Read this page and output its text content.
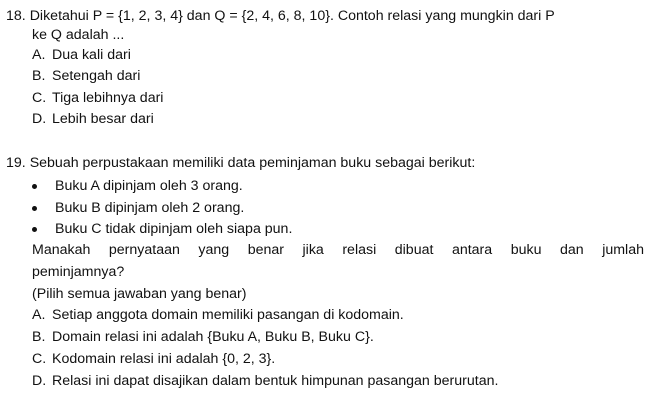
18. Diketahui P = {1, 2, 3, 4} dan Q = {2, 4, 6, 8, 10}. Contoh relasi yang mungkin dari P
ke Q adalah ...
A. Dua kali dari
B. Setengah dari
C. Tiga lebihnya dari
D. Lebih besar dari
19. Sebuah perpustakaan memiliki data peminjaman buku sebagai berikut:
Buku A dipinjam oleh 3 orang.
Buku B dipinjam oleh 2 orang.
Buku C tidak dipinjam oleh siapa pun.
Manakah pernyataan yang benar jika relasi dibuat antara buku dan jumlah
peminjamnya?
(Pilih semua jawaban yang benar)
A. Setiap anggota domain memiliki pasangan di kodomain.
B. Domain relasi ini adalah {Buku A, Buku B, Buku C}.
C. Kodomain relasi ini adalah {0, 2, 3}.
D. Relasi ini dapat disajikan dalam bentuk himpunan pasangan berurutan.
